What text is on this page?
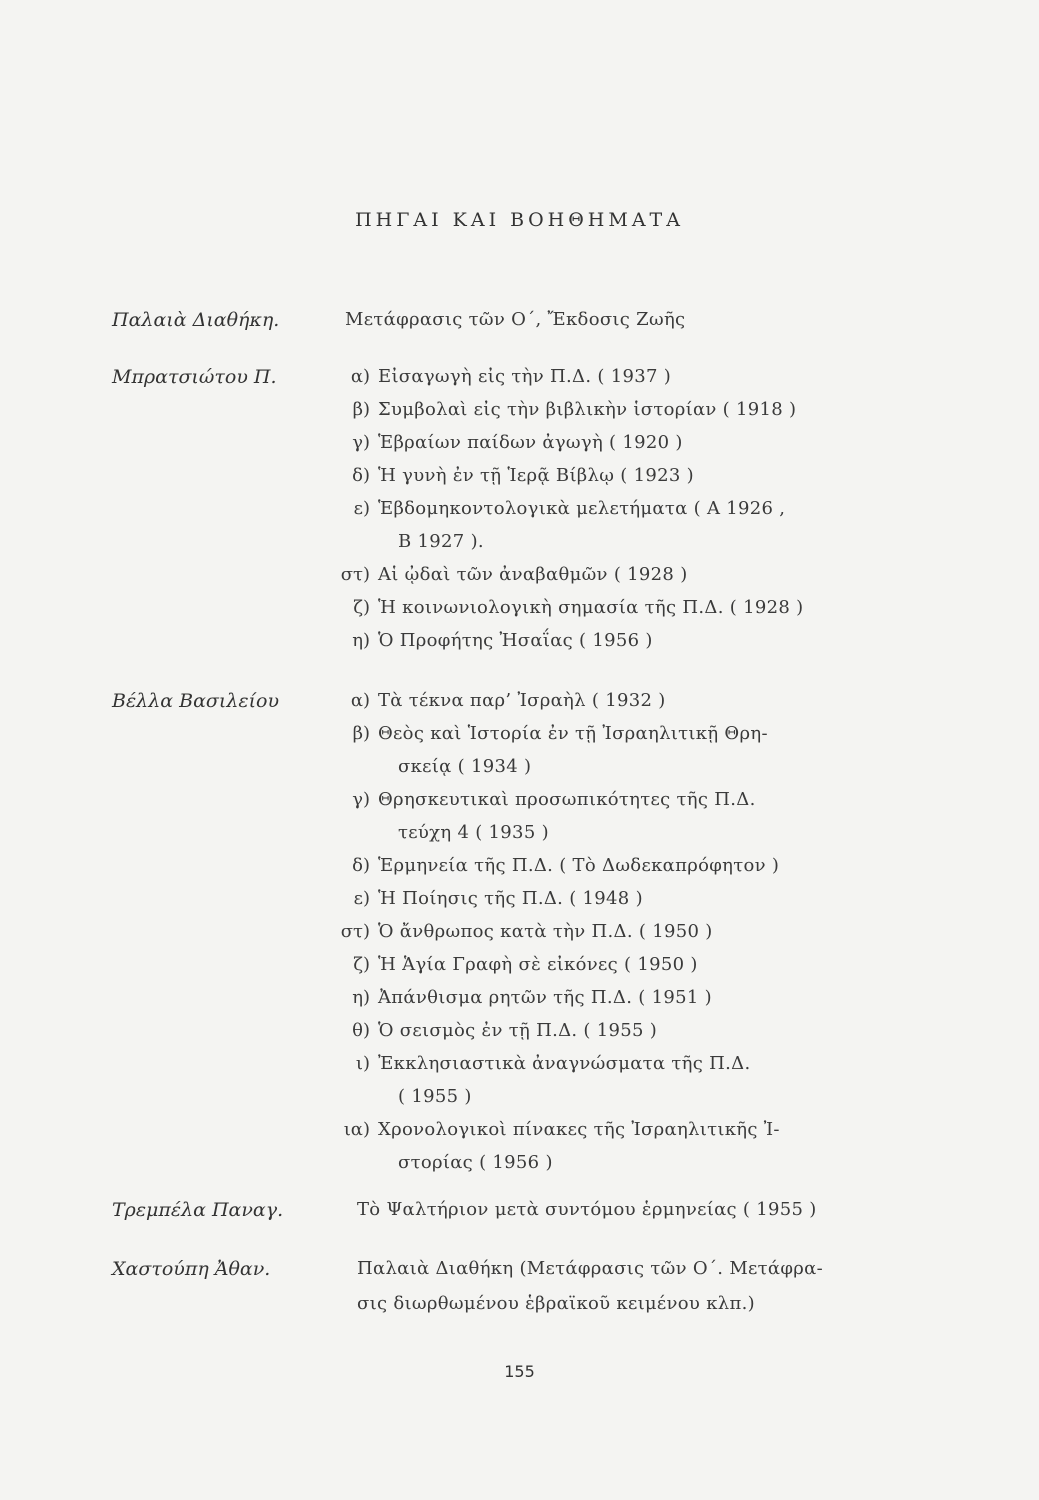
ΠΗΓΑΙ ΚΑΙ ΒΟΗΘΗΜΑΤΑ
Παλαιὰ Διαθήκη.	Μετάφρασις τῶν Ο΄, Ἔκδοσις Ζωῆς
Μπρατσιώτου Π.	α) Εἰσαγωγὴ εἰς τὴν Π.Δ. ( 1937 )
β) Συμβολαὶ εἰς τὴν βιβλικὴν ἱστορίαν ( 1918 )
γ) Ἑβραίων παίδων ἀγωγὴ ( 1920 )
δ) Ἡ γυνὴ ἐν τῇ Ἱερᾷ Βίβλῳ ( 1923 )
ε) Ἑβδομηκοντολογικὰ μελετήματα ( Α 1926 ,
Β 1927 ).
στ) Αἱ ᾠδαὶ τῶν ἀναβαθμῶν ( 1928 )
ζ) Ἡ κοινωνιολογικὴ σημασία τῆς Π.Δ. ( 1928 )
η) Ὁ Προφήτης Ἠσαΐας ( 1956 )
Βέλλα Βασιλείου	α) Τὰ τέκνα παρ’ Ἰσραὴλ ( 1932 )
β) Θεὸς καὶ Ἱστορία ἐν τῇ Ἰσραηλιτικῇ Θρη-
σκείᾳ ( 1934 )
γ) Θρησκευτικαὶ προσωπικότητες τῆς Π.Δ.
τεύχη 4 ( 1935 )
δ) Ἑρμηνεία τῆς Π.Δ. ( Τὸ Δωδεκαπρόφητον )
ε) Ἡ Ποίησις τῆς Π.Δ. ( 1948 )
στ) Ὁ ἄνθρωπος κατὰ τὴν Π.Δ. ( 1950 )
ζ) Ἡ Ἁγία Γραφὴ σὲ εἰκόνες ( 1950 )
η) Ἀπάνθισμα ρητῶν τῆς Π.Δ. ( 1951 )
θ) Ὁ σεισμὸς ἐν τῇ Π.Δ. ( 1955 )
ι) Ἐκκλησιαστικὰ ἀναγνώσματα τῆς Π.Δ.
( 1955 )
ια) Χρονολογικοὶ πίνακες τῆς Ἰσραηλιτικῆς Ἰ-
στορίας ( 1956 )
Τρεμπέλα Παναγ.	Τὸ Ψαλτήριον μετὰ συντόμου ἑρμηνείας ( 1955 )
Χαστούπη Ἀθαν.	Παλαιὰ Διαθήκη (Μετάφρασις τῶν Ο΄. Μετάφρα-
σις διωρθωμένου ἑβραϊκοῦ κειμένου κλπ.)
155
